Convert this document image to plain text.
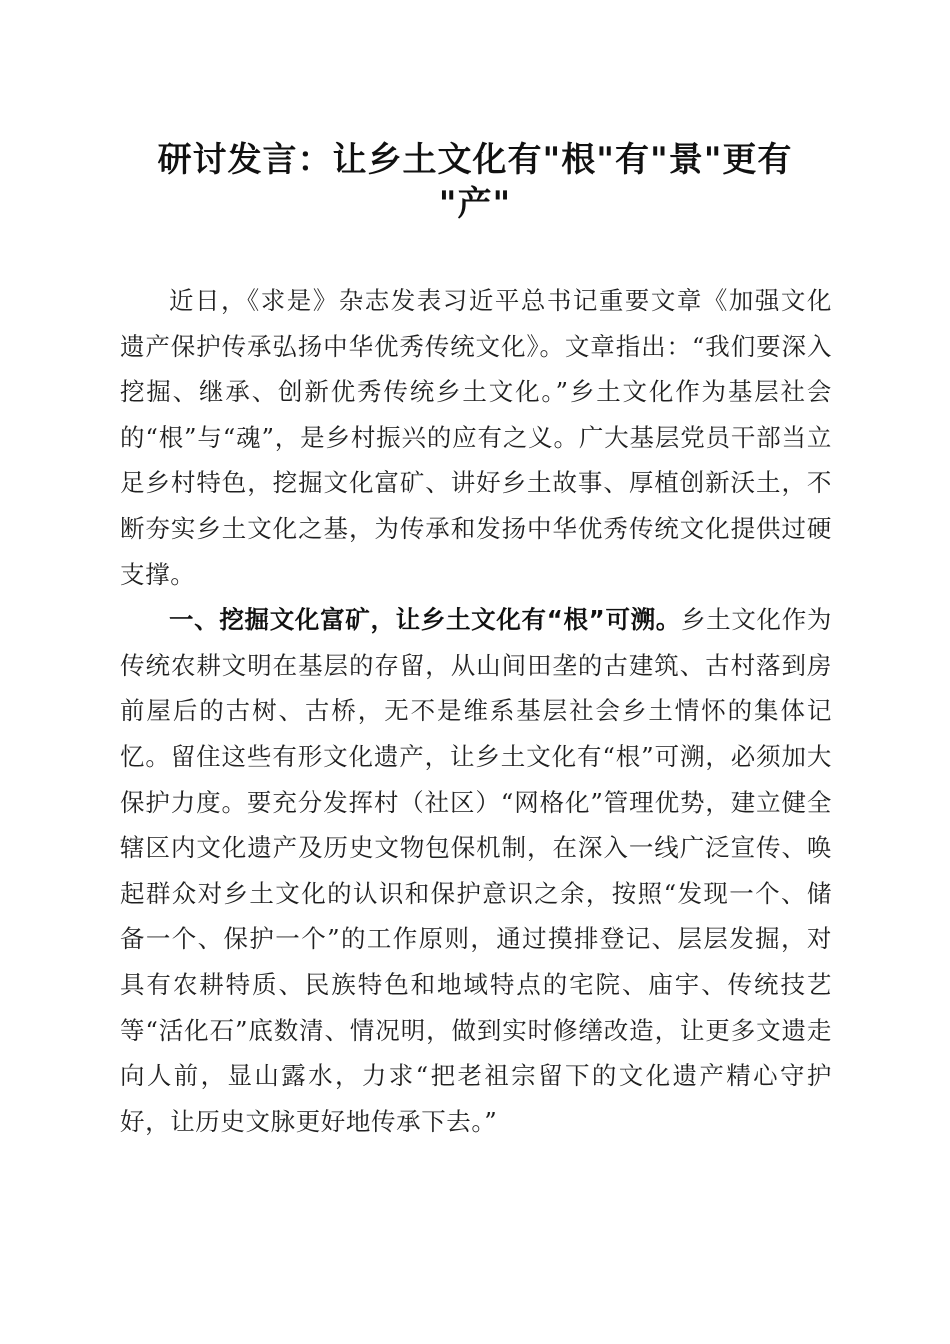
研讨发言：让乡土文化有"根"有"景"更有
"产"

近日，《求是》杂志发表习近平总书记重要文章《加强文化遗产保护传承弘扬中华优秀传统文化》。文章指出：“我们要深入挖掘、继承、创新优秀传统乡土文化。”乡土文化作为基层社会的“根”与“魂”，是乡村振兴的应有之义。广大基层党员干部当立足乡村特色，挖掘文化富矿、讲好乡土故事、厚植创新沃土，不断夯实乡土文化之基，为传承和发扬中华优秀传统文化提供过硬支撑。

一、挖掘文化富矿，让乡土文化有“根”可溯。乡土文化作为传统农耕文明在基层的存留，从山间田垄的古建筑、古村落到房前屋后的古树、古桥，无不是维系基层社会乡土情怀的集体记忆。留住这些有形文化遗产，让乡土文化有“根”可溯，必须加大保护力度。要充分发挥村（社区）“网格化”管理优势，建立健全辖区内文化遗产及历史文物包保机制，在深入一线广泛宣传、唤起群众对乡土文化的认识和保护意识之余，按照“发现一个、储备一个、保护一个”的工作原则，通过摸排登记、层层发掘，对具有农耕特质、民族特色和地域特点的宅院、庙宇、传统技艺等“活化石”底数清、情况明，做到实时修缮改造，让更多文遗走向人前，显山露水，力求“把老祖宗留下的文化遗产精心守护好，让历史文脉更好地传承下去。”
